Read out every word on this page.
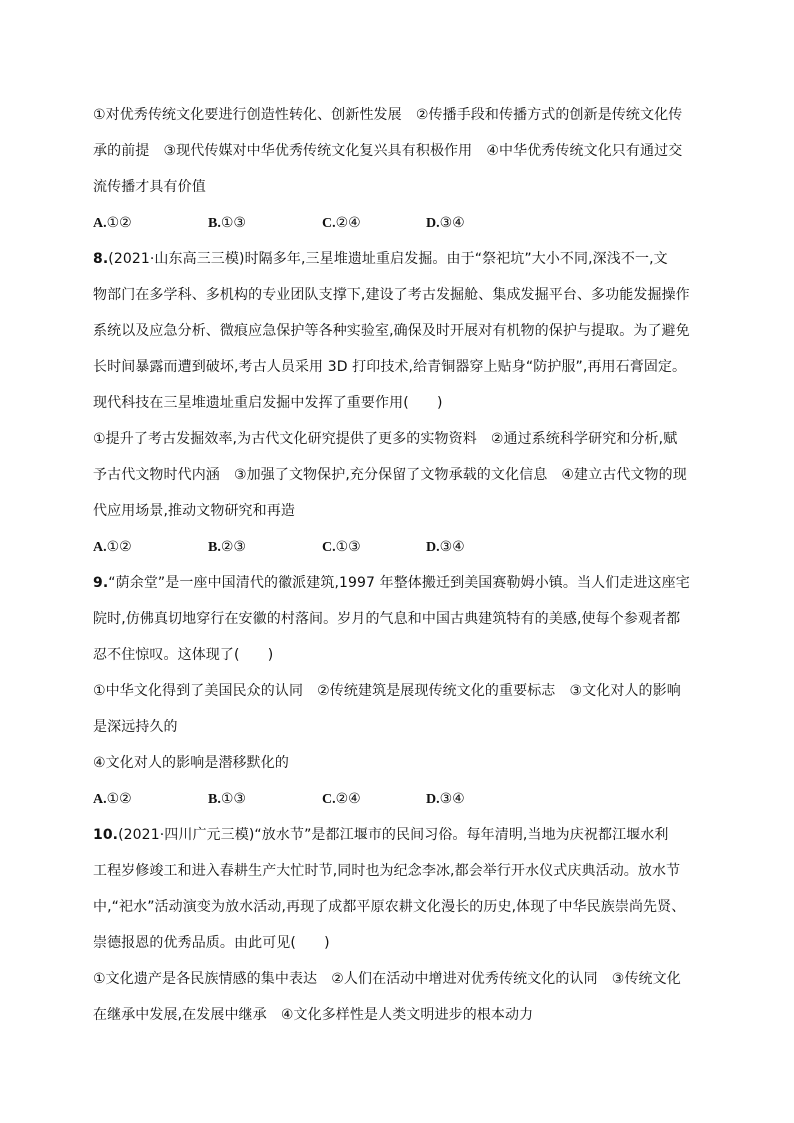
①对优秀传统文化要进行创造性转化、创新性发展　②传播手段和传播方式的创新是传统文化传
承的前提　③现代传媒对中华优秀传统文化复兴具有积极作用　④中华优秀传统文化只有通过交
流传播才具有价值
A.①②	B.①③	C.②④	D.③④
8.(2021·山东高三三模)时隔多年,三星堆遗址重启发掘。由于“祭祀坑”大小不同,深浅不一,文
物部门在多学科、多机构的专业团队支撑下,建设了考古发掘舱、集成发掘平台、多功能发掘操作
系统以及应急分析、微痕应急保护等各种实验室,确保及时开展对有机物的保护与提取。为了避免
长时间暴露而遭到破坏,考古人员采用 3D 打印技术,给青铜器穿上贴身“防护服”,再用石膏固定。
现代科技在三星堆遗址重启发掘中发挥了重要作用(　　)
①提升了考古发掘效率,为古代文化研究提供了更多的实物资料　②通过系统科学研究和分析,赋
予古代文物时代内涵　③加强了文物保护,充分保留了文物承载的文化信息　④建立古代文物的现
代应用场景,推动文物研究和再造
A.①②	B.②③	C.①③	D.③④
9.“荫余堂”是一座中国清代的徽派建筑,1997 年整体搬迁到美国赛勒姆小镇。当人们走进这座宅
院时,仿佛真切地穿行在安徽的村落间。岁月的气息和中国古典建筑特有的美感,使每个参观者都
忍不住惊叹。这体现了(　　)
①中华文化得到了美国民众的认同　②传统建筑是展现传统文化的重要标志　③文化对人的影响
是深远持久的
④文化对人的影响是潜移默化的
A.①②	B.①③	C.②④	D.③④
10.(2021·四川广元三模)“放水节”是都江堰市的民间习俗。每年清明,当地为庆祝都江堰水利
工程岁修竣工和进入春耕生产大忙时节,同时也为纪念李冰,都会举行开水仪式庆典活动。放水节
中,“祀水”活动演变为放水活动,再现了成都平原农耕文化漫长的历史,体现了中华民族崇尚先贤、
崇德报恩的优秀品质。由此可见(　　)
①文化遗产是各民族情感的集中表达　②人们在活动中增进对优秀传统文化的认同　③传统文化
在继承中发展,在发展中继承　④文化多样性是人类文明进步的根本动力
